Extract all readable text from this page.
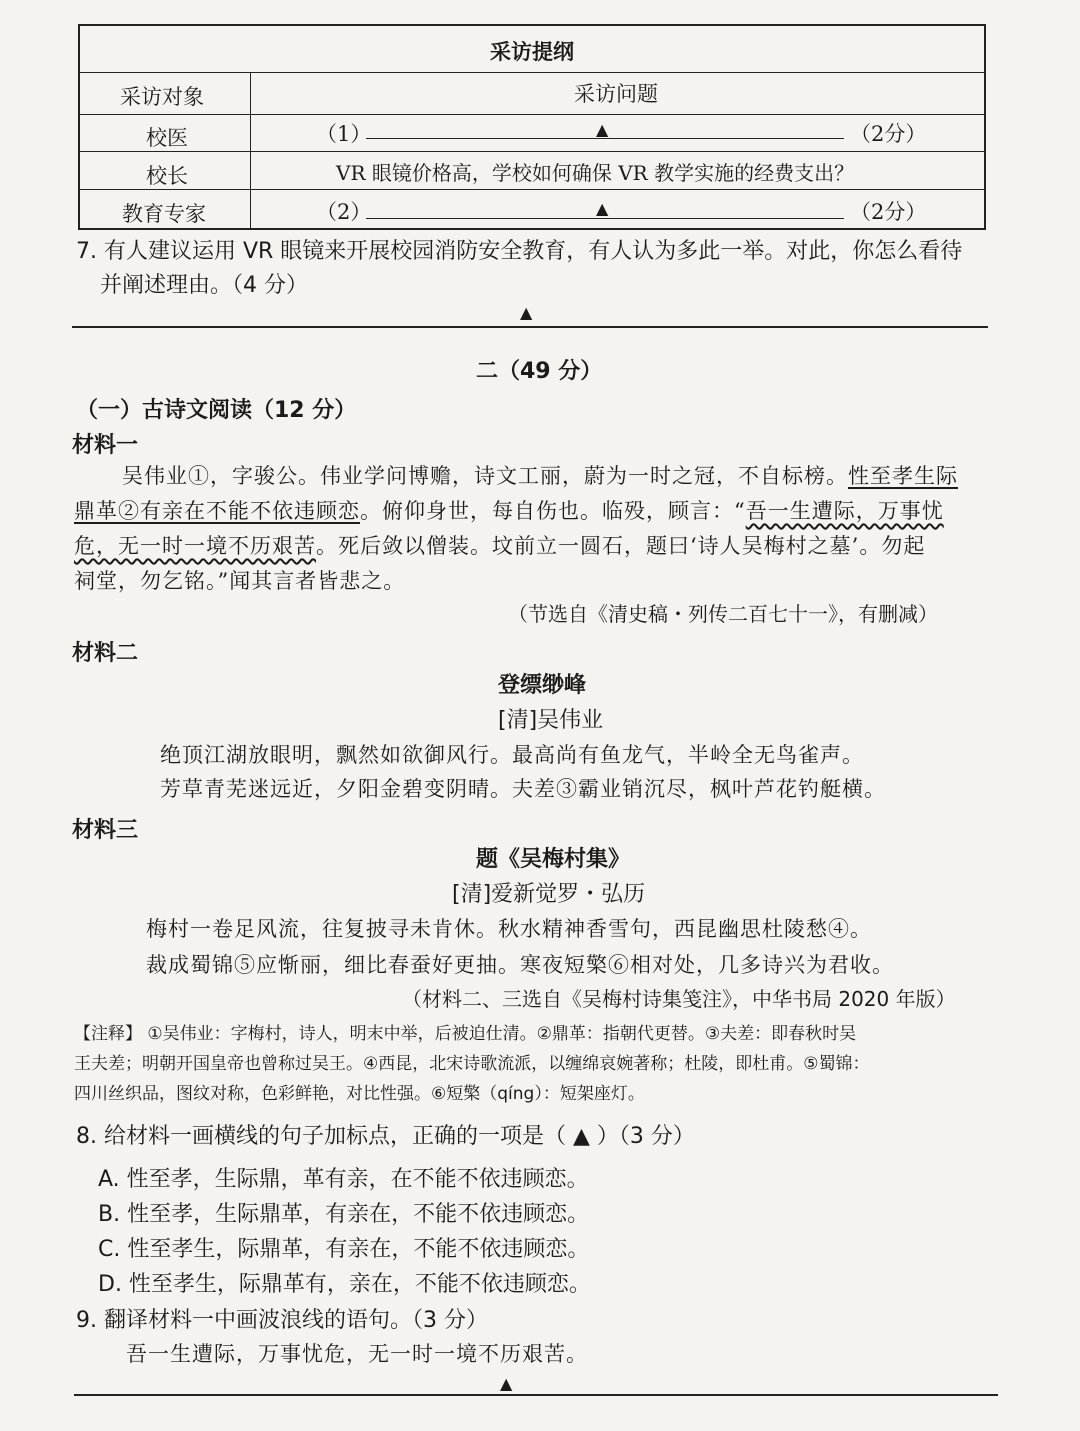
采访提纲
采访对象	采访问题
校医	（1）	▲	（2分）
校长	VR 眼镜价格高，学校如何确保 VR 教学实施的经费支出？
教育专家	（2）	▲	（2分）
7. 有人建议运用 VR 眼镜来开展校园消防安全教育，有人认为多此一举。对此，你怎么看待
并阐述理由。（4 分）
▲
二（49 分）
（一）古诗文阅读（12 分）
材料一
吴伟业①，字骏公。伟业学问博赡，诗文工丽，蔚为一时之冠，不自标榜。性至孝生际
鼎革②有亲在不能不依违顾恋。俯仰身世，每自伤也。临殁，顾言：“吾一生遭际，万事忧
危，无一时一境不历艰苦。死后敛以僧装。坟前立一圆石，题曰‘诗人吴梅村之墓’。勿起
祠堂，勿乞铭。”闻其言者皆悲之。
（节选自《清史稿・列传二百七十一》，有删减）
材料二
登缥缈峰
[清]吴伟业
绝顶江湖放眼明，飘然如欲御风行。最高尚有鱼龙气，半岭全无鸟雀声。
芳草青芜迷远近，夕阳金碧变阴晴。夫差③霸业销沉尽，枫叶芦花钓艇横。
材料三
题《吴梅村集》
[清]爱新觉罗・弘历
梅村一卷足风流，往复披寻未肯休。秋水精神香雪句，西昆幽思杜陵愁④。
裁成蜀锦⑤应惭丽，细比春蚕好更抽。寒夜短檠⑥相对处，几多诗兴为君收。
（材料二、三选自《吴梅村诗集笺注》，中华书局 2020 年版）
【注释】 ①吴伟业：字梅村，诗人，明末中举，后被迫仕清。②鼎革：指朝代更替。③夫差：即春秋时吴
王夫差；明朝开国皇帝也曾称过吴王。④西昆，北宋诗歌流派，以缠绵哀婉著称；杜陵，即杜甫。⑤蜀锦：
四川丝织品，图纹对称，色彩鲜艳，对比性强。⑥短檠（qíng）：短架座灯。
8. 给材料一画横线的句子加标点，正确的一项是（ ▲ ）（3 分）
A. 性至孝，生际鼎，革有亲，在不能不依违顾恋。
B. 性至孝，生际鼎革，有亲在，不能不依违顾恋。
C. 性至孝生，际鼎革，有亲在，不能不依违顾恋。
D. 性至孝生，际鼎革有，亲在，不能不依违顾恋。
9. 翻译材料一中画波浪线的语句。（3 分）
吾一生遭际，万事忧危，无一时一境不历艰苦。
▲
